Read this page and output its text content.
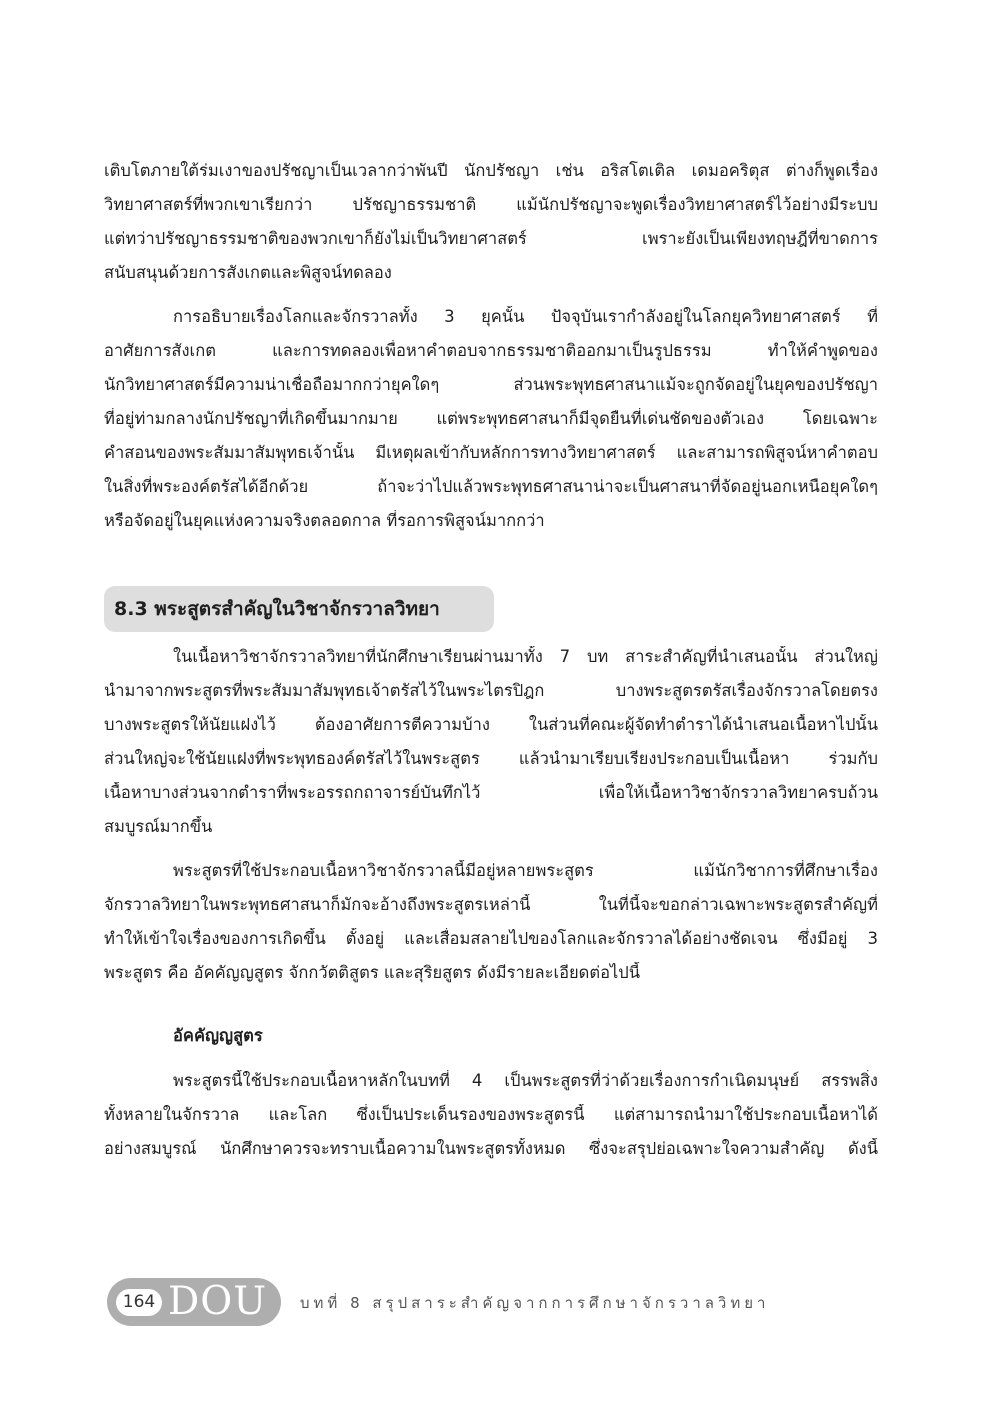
เติบโตภายใต้ร่มเงาของปรัชญาเป็นเวลากว่าพันปี นักปรัชญา เช่น อริสโตเติล เดมอคริตุส ต่างก็พูดเรื่อง
วิทยาศาสตร์ที่พวกเขาเรียกว่า ปรัชญาธรรมชาติ แม้นักปรัชญาจะพูดเรื่องวิทยาศาสตร์ไว้อย่างมีระบบ
แต่ทว่าปรัชญาธรรมชาติของพวกเขาก็ยังไม่เป็นวิทยาศาสตร์ เพราะยังเป็นเพียงทฤษฎีที่ขาดการ
สนับสนุนด้วยการสังเกตและพิสูจน์ทดลอง
การอธิบายเรื่องโลกและจักรวาลทั้ง 3 ยุคนั้น ปัจจุบันเรากำลังอยู่ในโลกยุควิทยาศาสตร์ ที่
อาศัยการสังเกต และการทดลองเพื่อหาคำตอบจากธรรมชาติออกมาเป็นรูปธรรม ทำให้คำพูดของ
นักวิทยาศาสตร์มีความน่าเชื่อถือมากกว่ายุคใดๆ ส่วนพระพุทธศาสนาแม้จะถูกจัดอยู่ในยุคของปรัชญา
ที่อยู่ท่ามกลางนักปรัชญาที่เกิดขึ้นมากมาย แต่พระพุทธศาสนาก็มีจุดยืนที่เด่นชัดของตัวเอง โดยเฉพาะ
คำสอนของพระสัมมาสัมพุทธเจ้านั้น มีเหตุผลเข้ากับหลักการทางวิทยาศาสตร์ และสามารถพิสูจน์หาคำตอบ
ในสิ่งที่พระองค์ตรัสได้อีกด้วย ถ้าจะว่าไปแล้วพระพุทธศาสนาน่าจะเป็นศาสนาที่จัดอยู่นอกเหนือยุคใดๆ
หรือจัดอยู่ในยุคแห่งความจริงตลอดกาล ที่รอการพิสูจน์มากกว่า
8.3 พระสูตรสำคัญในวิชาจักรวาลวิทยา
ในเนื้อหาวิชาจักรวาลวิทยาที่นักศึกษาเรียนผ่านมาทั้ง 7 บท สาระสำคัญที่นำเสนอนั้น ส่วนใหญ่
นำมาจากพระสูตรที่พระสัมมาสัมพุทธเจ้าตรัสไว้ในพระไตรปิฎก บางพระสูตรตรัสเรื่องจักรวาลโดยตรง
บางพระสูตรให้นัยแฝงไว้ ต้องอาศัยการตีความบ้าง ในส่วนที่คณะผู้จัดทำตำราได้นำเสนอเนื้อหาไปนั้น
ส่วนใหญ่จะใช้นัยแฝงที่พระพุทธองค์ตรัสไว้ในพระสูตร แล้วนำมาเรียบเรียงประกอบเป็นเนื้อหา ร่วมกับ
เนื้อหาบางส่วนจากตำราที่พระอรรถกถาจารย์บันทึกไว้ เพื่อให้เนื้อหาวิชาจักรวาลวิทยาครบถ้วน
สมบูรณ์มากขึ้น
พระสูตรที่ใช้ประกอบเนื้อหาวิชาจักรวาลนี้มีอยู่หลายพระสูตร แม้นักวิชาการที่ศึกษาเรื่อง
จักรวาลวิทยาในพระพุทธศาสนาก็มักจะอ้างถึงพระสูตรเหล่านี้ ในที่นี้จะขอกล่าวเฉพาะพระสูตรสำคัญที่
ทำให้เข้าใจเรื่องของการเกิดขึ้น ตั้งอยู่ และเสื่อมสลายไปของโลกและจักรวาลได้อย่างชัดเจน ซึ่งมีอยู่ 3
พระสูตร คือ อัคคัญญสูตร จักกวัตติสูตร และสุริยสูตร ดังมีรายละเอียดต่อไปนี้
อัคคัญญสูตร
พระสูตรนี้ใช้ประกอบเนื้อหาหลักในบทที่ 4 เป็นพระสูตรที่ว่าด้วยเรื่องการกำเนิดมนุษย์ สรรพสิ่ง
ทั้งหลายในจักรวาล และโลก ซึ่งเป็นประเด็นรองของพระสูตรนี้ แต่สามารถนำมาใช้ประกอบเนื้อหาได้
อย่างสมบูรณ์ นักศึกษาควรจะทราบเนื้อความในพระสูตรทั้งหมด ซึ่งจะสรุปย่อเฉพาะใจความสำคัญ ดังนี้
164 DOU	บทที่ 8 สรุปสาระสำคัญจากการศึกษาจักรวาลวิทยา
